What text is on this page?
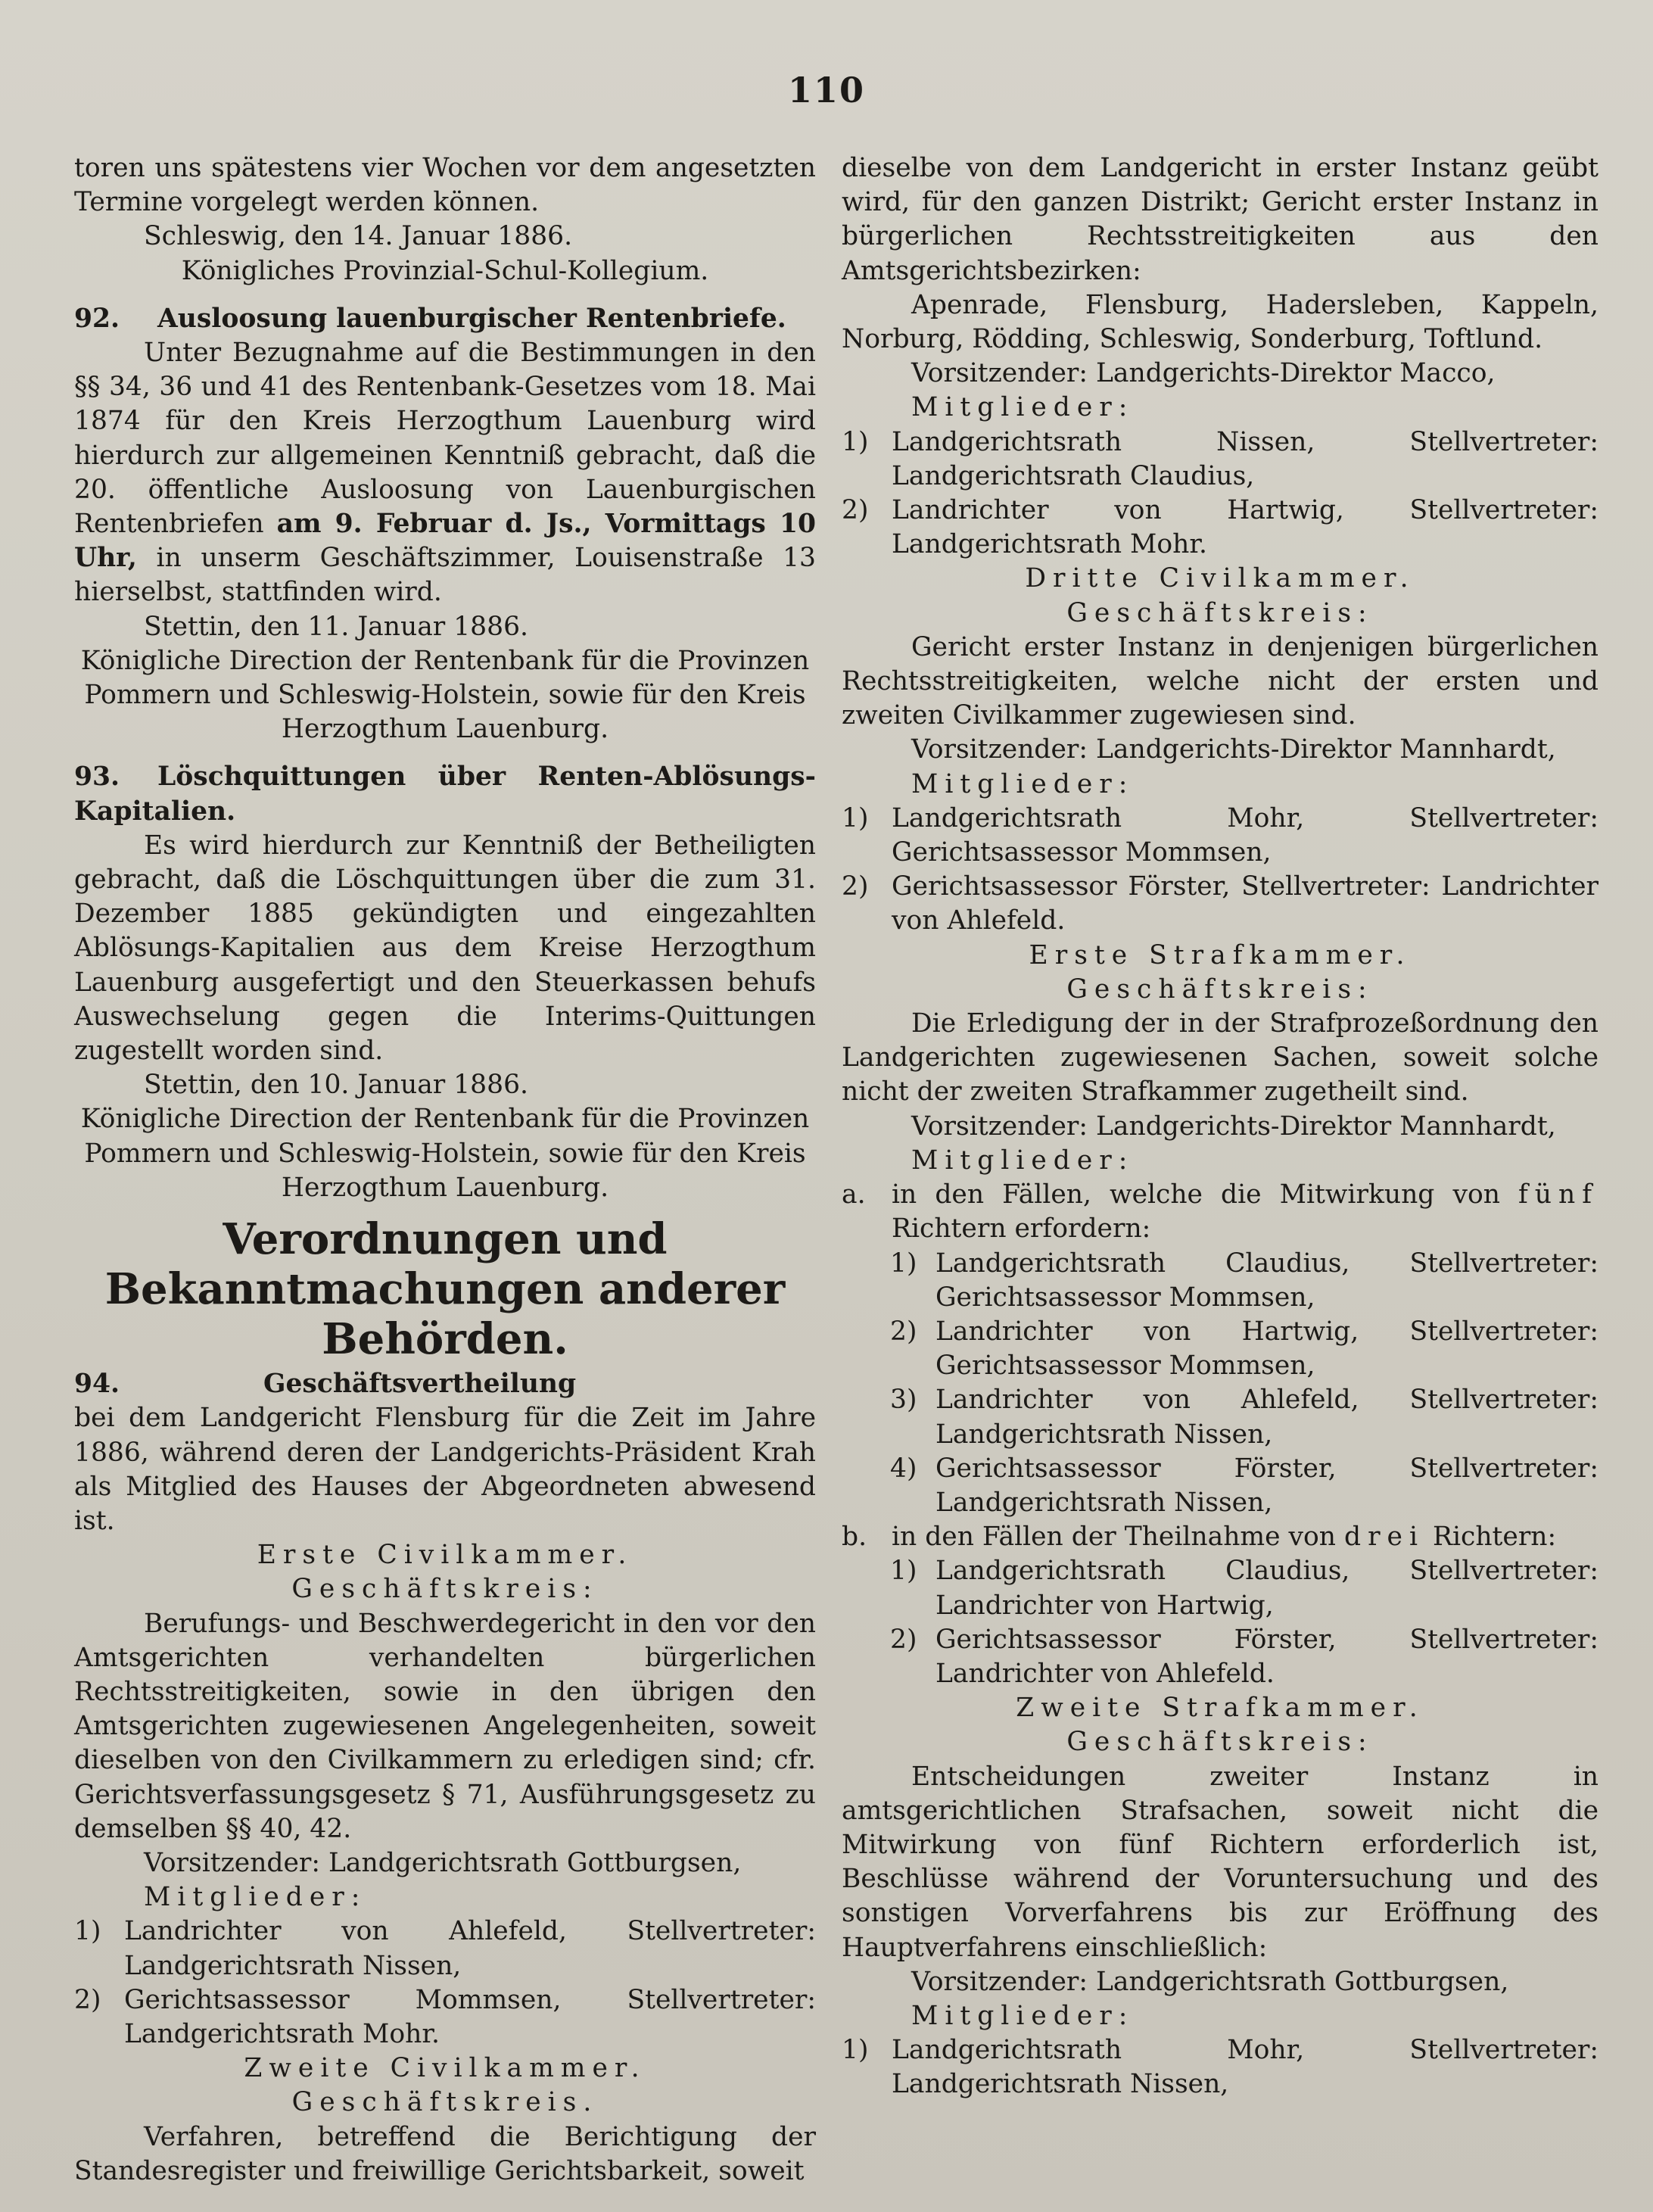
110

toren uns spätestens vier Wochen vor dem angesetzten Termine vorgelegt werden können.

Schleswig, den 14. Januar 1886.

Königliches Provinzial-Schul-Kollegium.

92. Ausloosung lauenburgischer Rentenbriefe.

Unter Bezugnahme auf die Bestimmungen in den §§ 34, 36 und 41 des Rentenbank-Gesetzes vom 18. Mai 1874 für den Kreis Herzogthum Lauenburg wird hierdurch zur allgemeinen Kenntniß gebracht, daß die 20. öffentliche Ausloosung von Lauenburgischen Rentenbriefen am 9. Februar d. Js., Vormittags 10 Uhr, in unserm Geschäftszimmer, Louisenstraße 13 hierselbst, stattfinden wird.

Stettin, den 11. Januar 1886.

Königliche Direction der Rentenbank für die Provinzen Pommern und Schleswig-Holstein, sowie für den Kreis Herzogthum Lauenburg.

93. Löschquittungen über Renten-Ablösungs-Kapitalien.

Es wird hierdurch zur Kenntniß der Betheiligten gebracht, daß die Löschquittungen über die zum 31. Dezember 1885 gekündigten und eingezahlten Ablösungs-Kapitalien aus dem Kreise Herzogthum Lauenburg ausgefertigt und den Steuerkassen behufs Auswechselung gegen die Interims-Quittungen zugestellt worden sind.

Stettin, den 10. Januar 1886.

Königliche Direction der Rentenbank für die Provinzen Pommern und Schleswig-Holstein, sowie für den Kreis Herzogthum Lauenburg.

Verordnungen und Bekanntmachungen anderer Behörden.

94.	Geschäftsvertheilung

bei dem Landgericht Flensburg für die Zeit im Jahre 1886, während deren der Landgerichts-Präsident Krah als Mitglied des Hauses der Abgeordneten abwesend ist.

Erste Civilkammer.

Geschäftskreis:

Berufungs- und Beschwerdegericht in den vor den Amtsgerichten verhandelten bürgerlichen Rechtsstreitigkeiten, sowie in den übrigen den Amtsgerichten zugewiesenen Angelegenheiten, soweit dieselben von den Civilkammern zu erledigen sind; cfr. Gerichtsverfassungsgesetz § 71, Ausführungsgesetz zu demselben §§ 40, 42.

Vorsitzender: Landgerichtsrath Gottburgsen,

Mitglieder:

1) Landrichter von Ahlefeld, Stellvertreter: Landgerichtsrath Nissen,
2) Gerichtsassessor Mommsen, Stellvertreter: Landgerichtsrath Mohr.

Zweite Civilkammer.

Geschäftskreis.

Verfahren, betreffend die Berichtigung der Standesregister und freiwillige Gerichtsbarkeit, soweit

dieselbe von dem Landgericht in erster Instanz geübt wird, für den ganzen Distrikt; Gericht erster Instanz in bürgerlichen Rechtsstreitigkeiten aus den Amtsgerichtsbezirken:

Apenrade, Flensburg, Hadersleben, Kappeln, Norburg, Rödding, Schleswig, Sonderburg, Toftlund.

Vorsitzender: Landgerichts-Direktor Macco,

Mitglieder:

1) Landgerichtsrath Nissen, Stellvertreter: Landgerichtsrath Claudius,
2) Landrichter von Hartwig, Stellvertreter: Landgerichtsrath Mohr.

Dritte Civilkammer.

Geschäftskreis:

Gericht erster Instanz in denjenigen bürgerlichen Rechtsstreitigkeiten, welche nicht der ersten und zweiten Civilkammer zugewiesen sind.

Vorsitzender: Landgerichts-Direktor Mannhardt,

Mitglieder:

1) Landgerichtsrath Mohr, Stellvertreter: Gerichtsassessor Mommsen,
2) Gerichtsassessor Förster, Stellvertreter: Landrichter von Ahlefeld.

Erste Strafkammer.

Geschäftskreis:

Die Erledigung der in der Strafprozeßordnung den Landgerichten zugewiesenen Sachen, soweit solche nicht der zweiten Strafkammer zugetheilt sind.

Vorsitzender: Landgerichts-Direktor Mannhardt,

Mitglieder:

a. in den Fällen, welche die Mitwirkung von fünf Richtern erfordern:
1) Landgerichtsrath Claudius, Stellvertreter: Gerichtsassessor Mommsen,
2) Landrichter von Hartwig, Stellvertreter: Gerichtsassessor Mommsen,
3) Landrichter von Ahlefeld, Stellvertreter: Landgerichtsrath Nissen,
4) Gerichtsassessor Förster, Stellvertreter: Landgerichtsrath Nissen,
b. in den Fällen der Theilnahme von drei Richtern:
1) Landgerichtsrath Claudius, Stellvertreter: Landrichter von Hartwig,
2) Gerichtsassessor Förster, Stellvertreter: Landrichter von Ahlefeld.

Zweite Strafkammer.

Geschäftskreis:

Entscheidungen zweiter Instanz in amtsgerichtlichen Strafsachen, soweit nicht die Mitwirkung von fünf Richtern erforderlich ist, Beschlüsse während der Voruntersuchung und des sonstigen Vorverfahrens bis zur Eröffnung des Hauptverfahrens einschließlich:

Vorsitzender: Landgerichtsrath Gottburgsen,

Mitglieder:

1) Landgerichtsrath Mohr, Stellvertreter: Landgerichtsrath Nissen,
